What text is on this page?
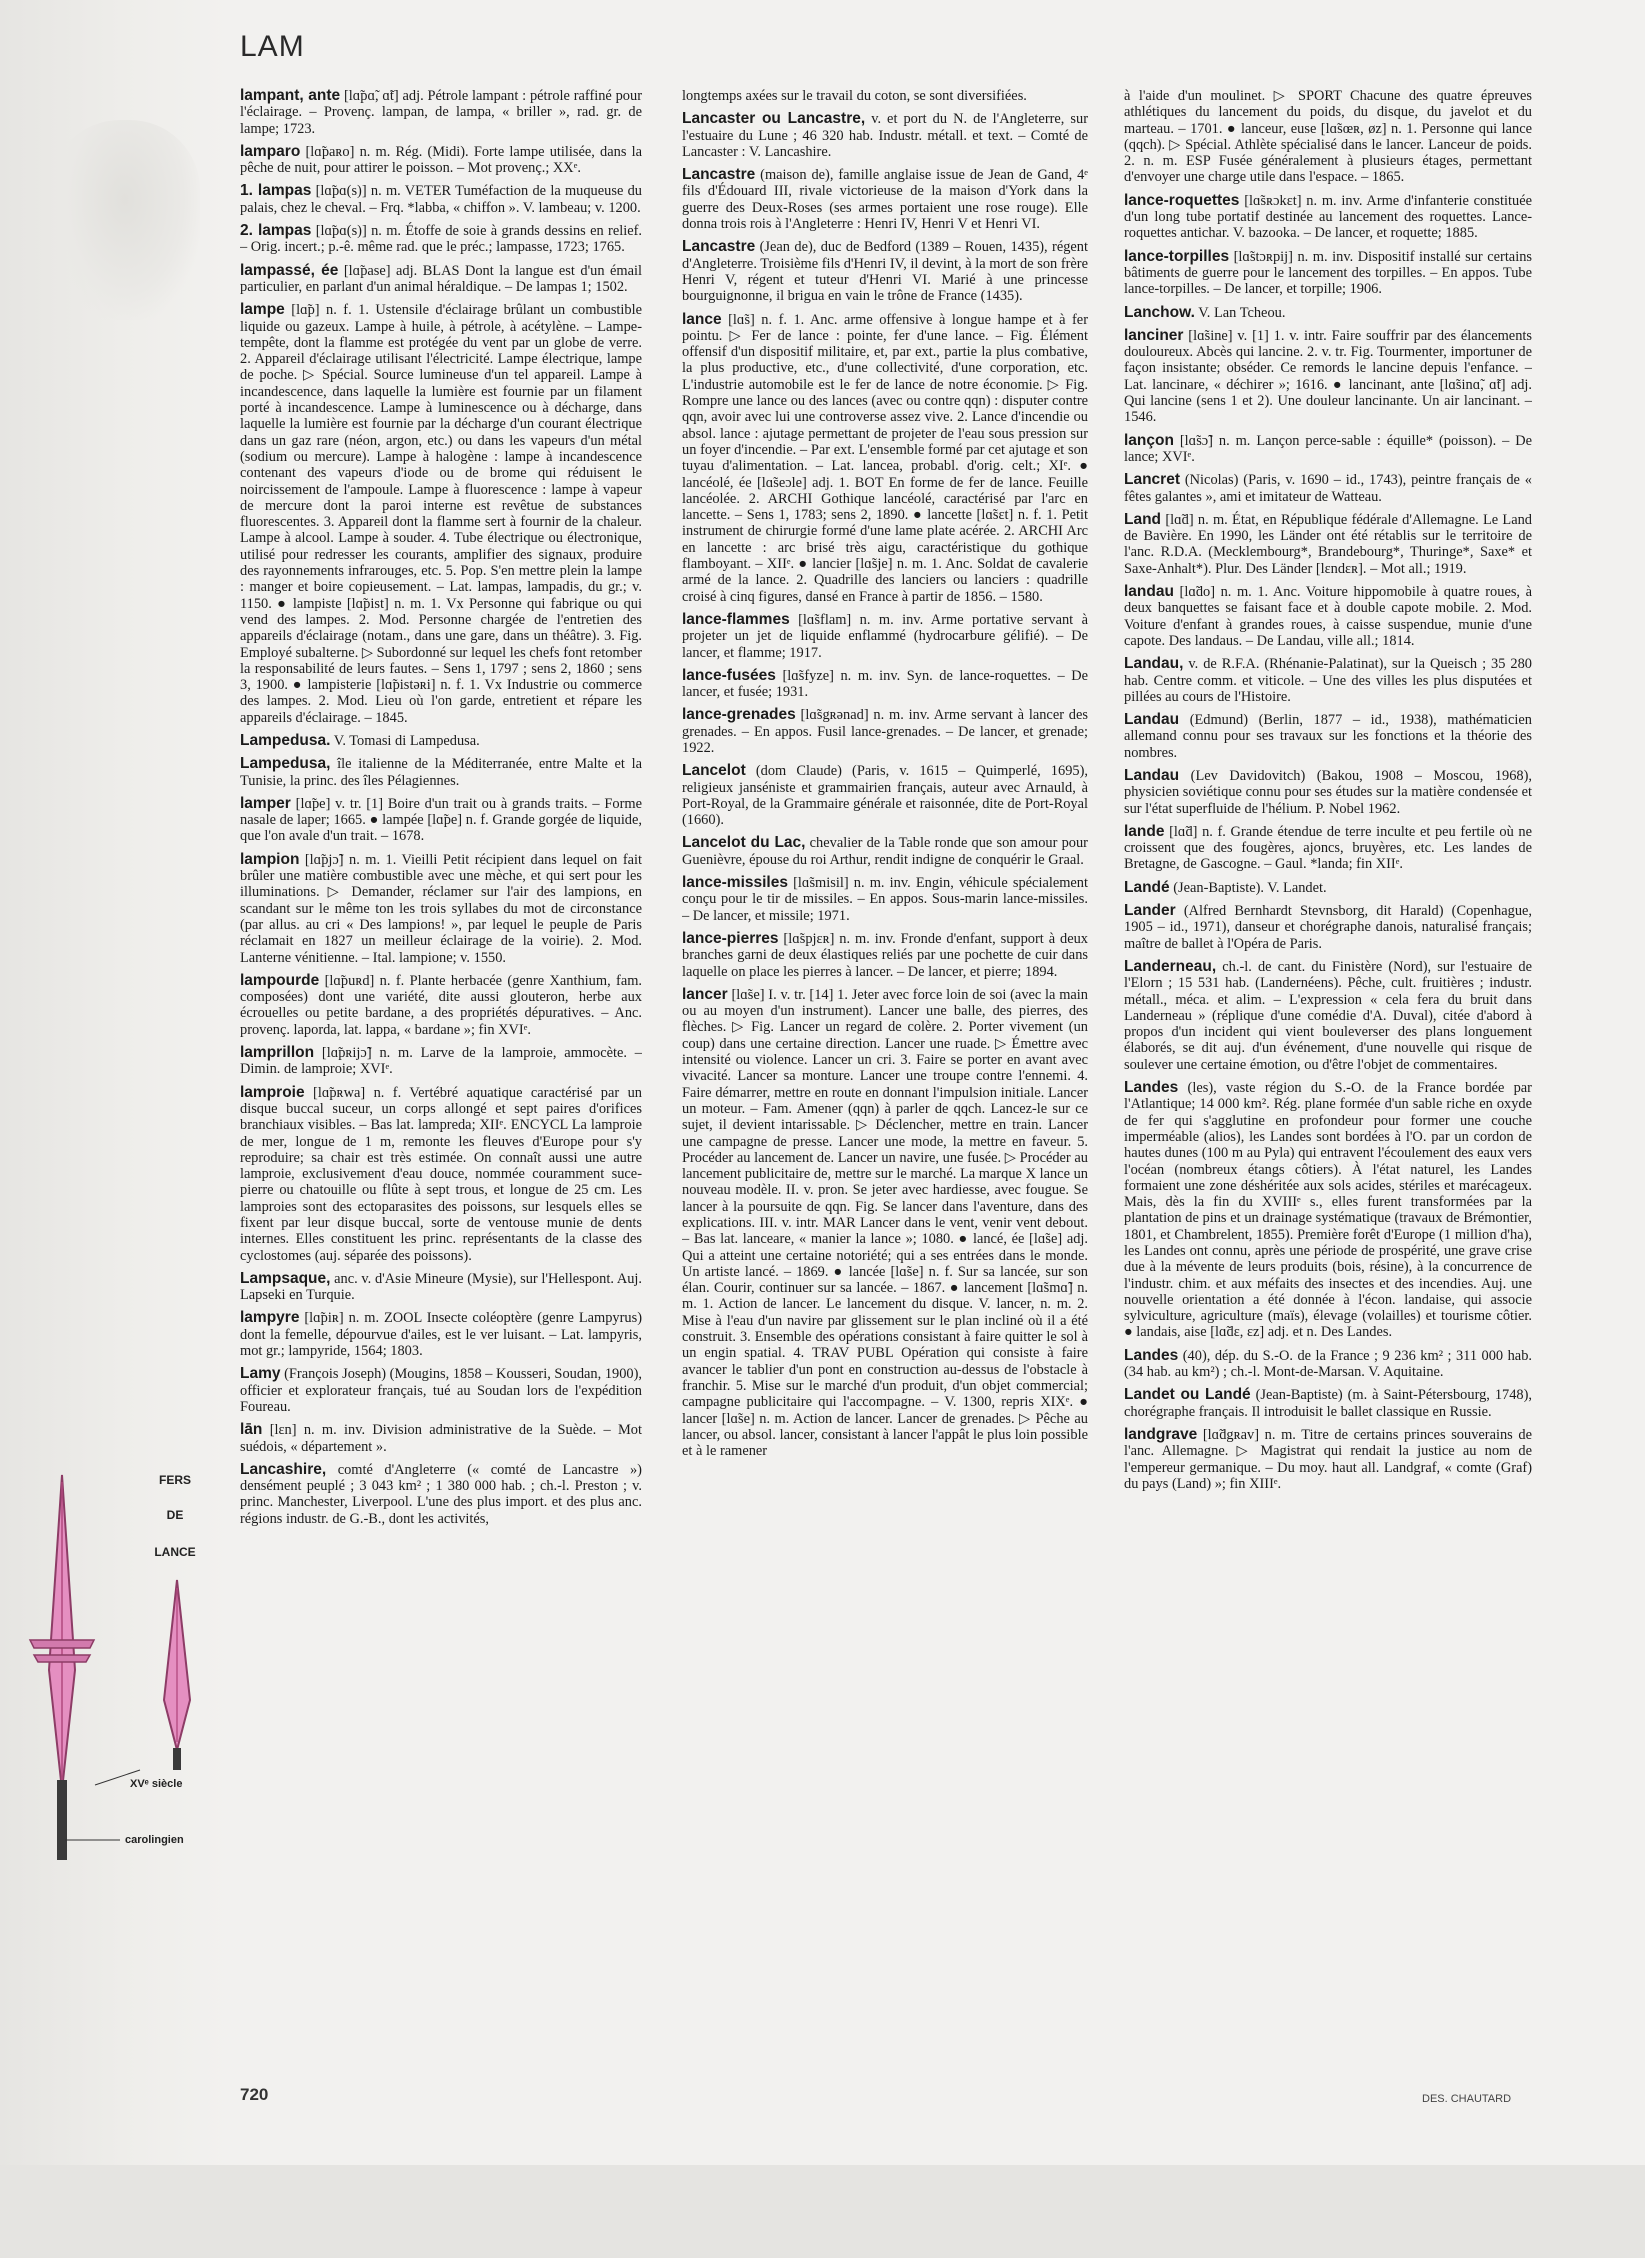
LAM

lampant, ante [lɑ̃pɑ̃, ɑ̃t] adj. Pétrole lampant : pétrole raffiné pour l'éclairage. – Provenç. lampan, de lampa, « briller », rad. gr. de lampe; 1723.

lamparo [lɑ̃paʀo] n. m. Rég. (Midi). Forte lampe utilisée, dans la pêche de nuit, pour attirer le poisson. – Mot provenç.; XXᵉ.

1. lampas [lɑ̃pɑ(s)] n. m. VETER Tuméfaction de la muqueuse du palais, chez le cheval. – Frq. *labba, « chiffon ». V. lambeau; v. 1200.

2. lampas [lɑ̃pɑ(s)] n. m. Étoffe de soie à grands dessins en relief. – Orig. incert.; p.-ê. même rad. que le préc.; lampasse, 1723; 1765.

lampassé, ée [lɑ̃pase] adj. BLAS Dont la langue est d'un émail particulier, en parlant d'un animal héraldique. – De lampas 1; 1502.

lampe [lɑ̃p] n. f. 1. Ustensile d'éclairage brûlant un combustible liquide ou gazeux. Lampe à huile, à pétrole, à acétylène. – Lampe-tempête, dont la flamme est protégée du vent par un globe de verre. 2. Appareil d'éclairage utilisant l'électricité. Lampe électrique, lampe de poche. ▷ Spécial. Source lumineuse d'un tel appareil. Lampe à incandescence, dans laquelle la lumière est fournie par un filament porté à incandescence. Lampe à luminescence ou à décharge, dans laquelle la lumière est fournie par la décharge d'un courant électrique dans un gaz rare (néon, argon, etc.) ou dans les vapeurs d'un métal (sodium ou mercure). Lampe à halogène : lampe à incandescence contenant des vapeurs d'iode ou de brome qui réduisent le noircissement de l'ampoule. Lampe à fluorescence : lampe à vapeur de mercure dont la paroi interne est revêtue de substances fluorescentes. 3. Appareil dont la flamme sert à fournir de la chaleur. Lampe à alcool. Lampe à souder. 4. Tube électrique ou électronique, utilisé pour redresser les courants, amplifier des signaux, produire des rayonnements infrarouges, etc. 5. Pop. S'en mettre plein la lampe : manger et boire copieusement. – Lat. lampas, lampadis, du gr.; v. 1150. ● lampiste [lɑ̃pist] n. m. 1. Vx Personne qui fabrique ou qui vend des lampes. 2. Mod. Personne chargée de l'entretien des appareils d'éclairage (notam., dans une gare, dans un théâtre). 3. Fig. Employé subalterne. ▷ Subordonné sur lequel les chefs font retomber la responsabilité de leurs fautes. – Sens 1, 1797 ; sens 2, 1860 ; sens 3, 1900. ● lampisterie [lɑ̃pistəʀi] n. f. 1. Vx Industrie ou commerce des lampes. 2. Mod. Lieu où l'on garde, entretient et répare les appareils d'éclairage. – 1845.

Lampedusa. V. Tomasi di Lampedusa.

Lampedusa, île italienne de la Méditerranée, entre Malte et la Tunisie, la princ. des îles Pélagiennes.

lamper [lɑ̃pe] v. tr. [1] Boire d'un trait ou à grands traits. – Forme nasale de laper; 1665. ● lampée [lɑ̃pe] n. f. Grande gorgée de liquide, que l'on avale d'un trait. – 1678.

lampion [lɑ̃pjɔ̃] n. m. 1. Vieilli Petit récipient dans lequel on fait brûler une matière combustible avec une mèche, et qui sert pour les illuminations. ▷ Demander, réclamer sur l'air des lampions, en scandant sur le même ton les trois syllabes du mot de circonstance (par allus. au cri « Des lampions! », par lequel le peuple de Paris réclamait en 1827 un meilleur éclairage de la voirie). 2. Mod. Lanterne vénitienne. – Ital. lampione; v. 1550.

lampourde [lɑ̃puʀd] n. f. Plante herbacée (genre Xanthium, fam. composées) dont une variété, dite aussi glouteron, herbe aux écrouelles ou petite bardane, a des propriétés dépuratives. – Anc. provenç. laporda, lat. lappa, « bardane »; fin XVIᵉ.

lamprillon [lɑ̃pʀijɔ̃] n. m. Larve de la lamproie, ammocète. – Dimin. de lamproie; XVIᵉ.

lamproie [lɑ̃pʀwa] n. f. Vertébré aquatique caractérisé par un disque buccal suceur, un corps allongé et sept paires d'orifices branchiaux visibles. – Bas lat. lampreda; XIIᵉ. ENCYCL La lamproie de mer, longue de 1 m, remonte les fleuves d'Europe pour s'y reproduire; sa chair est très estimée. On connaît aussi une autre lamproie, exclusivement d'eau douce, nommée couramment suce-pierre ou chatouille ou flûte à sept trous, et longue de 25 cm. Les lamproies sont des ectoparasites des poissons, sur lesquels elles se fixent par leur disque buccal, sorte de ventouse munie de dents internes. Elles constituent les princ. représentants de la classe des cyclostomes (auj. séparée des poissons).

Lampsaque, anc. v. d'Asie Mineure (Mysie), sur l'Hellespont. Auj. Lapseki en Turquie.

lampyre [lɑ̃piʀ] n. m. ZOOL Insecte coléoptère (genre Lampyrus) dont la femelle, dépourvue d'ailes, est le ver luisant. – Lat. lampyris, mot gr.; lampyride, 1564; 1803.

Lamy (François Joseph) (Mougins, 1858 – Kousseri, Soudan, 1900), officier et explorateur français, tué au Soudan lors de l'expédition Foureau.

lān [lɛn] n. m. inv. Division administrative de la Suède. – Mot suédois, « département ».

Lancashire, comté d'Angleterre (« comté de Lancastre ») densément peuplé ; 3 043 km² ; 1 380 000 hab. ; ch.-l. Preston ; v. princ. Manchester, Liverpool. L'une des plus import. et des plus anc. régions industr. de G.-B., dont les activités,

longtemps axées sur le travail du coton, se sont diversifiées.

Lancaster ou Lancastre, v. et port du N. de l'Angleterre, sur l'estuaire du Lune ; 46 320 hab. Industr. métall. et text. – Comté de Lancaster : V. Lancashire.

Lancastre (maison de), famille anglaise issue de Jean de Gand, 4ᵉ fils d'Édouard III, rivale victorieuse de la maison d'York dans la guerre des Deux-Roses (ses armes portaient une rose rouge). Elle donna trois rois à l'Angleterre : Henri IV, Henri V et Henri VI.

Lancastre (Jean de), duc de Bedford (1389 – Rouen, 1435), régent d'Angleterre. Troisième fils d'Henri IV, il devint, à la mort de son frère Henri V, régent et tuteur d'Henri VI. Marié à une princesse bourguignonne, il brigua en vain le trône de France (1435).

lance [lɑ̃s] n. f. 1. Anc. arme offensive à longue hampe et à fer pointu. ▷ Fer de lance : pointe, fer d'une lance. – Fig. Élément offensif d'un dispositif militaire, et, par ext., partie la plus combative, la plus productive, etc., d'une collectivité, d'une corporation, etc. L'industrie automobile est le fer de lance de notre économie. ▷ Fig. Rompre une lance ou des lances (avec ou contre qqn) : disputer contre qqn, avoir avec lui une controverse assez vive. 2. Lance d'incendie ou absol. lance : ajutage permettant de projeter de l'eau sous pression sur un foyer d'incendie. – Par ext. L'ensemble formé par cet ajutage et son tuyau d'alimentation. – Lat. lancea, probabl. d'orig. celt.; XIᵉ. ● lancéolé, ée [lɑ̃seɔle] adj. 1. BOT En forme de fer de lance. Feuille lancéolée. 2. ARCHI Gothique lancéolé, caractérisé par l'arc en lancette. – Sens 1, 1783; sens 2, 1890. ● lancette [lɑ̃sɛt] n. f. 1. Petit instrument de chirurgie formé d'une lame plate acérée. 2. ARCHI Arc en lancette : arc brisé très aigu, caractéristique du gothique flamboyant. – XIIᵉ. ● lancier [lɑ̃sje] n. m. 1. Anc. Soldat de cavalerie armé de la lance. 2. Quadrille des lanciers ou lanciers : quadrille croisé à cinq figures, dansé en France à partir de 1856. – 1580.

lance-flammes [lɑ̃sflam] n. m. inv. Arme portative servant à projeter un jet de liquide enflammé (hydrocarbure gélifié). – De lancer, et flamme; 1917.

lance-fusées [lɑ̃sfyze] n. m. inv. Syn. de lance-roquettes. – De lancer, et fusée; 1931.

lance-grenades [lɑ̃sgʀənad] n. m. inv. Arme servant à lancer des grenades. – En appos. Fusil lance-grenades. – De lancer, et grenade; 1922.

Lancelot (dom Claude) (Paris, v. 1615 – Quimperlé, 1695), religieux janséniste et grammairien français, auteur avec Arnauld, à Port-Royal, de la Grammaire générale et raisonnée, dite de Port-Royal (1660).

Lancelot du Lac, chevalier de la Table ronde que son amour pour Guenièvre, épouse du roi Arthur, rendit indigne de conquérir le Graal.

lance-missiles [lɑ̃smisil] n. m. inv. Engin, véhicule spécialement conçu pour le tir de missiles. – En appos. Sous-marin lance-missiles. – De lancer, et missile; 1971.

lance-pierres [lɑ̃spjɛʀ] n. m. inv. Fronde d'enfant, support à deux branches garni de deux élastiques reliés par une pochette de cuir dans laquelle on place les pierres à lancer. – De lancer, et pierre; 1894.

lancer [lɑ̃se] I. v. tr. [14] 1. Jeter avec force loin de soi (avec la main ou au moyen d'un instrument). Lancer une balle, des pierres, des flèches. ▷ Fig. Lancer un regard de colère. 2. Porter vivement (un coup) dans une certaine direction. Lancer une ruade. ▷ Émettre avec intensité ou violence. Lancer un cri. 3. Faire se porter en avant avec vivacité. Lancer sa monture. Lancer une troupe contre l'ennemi. 4. Faire démarrer, mettre en route en donnant l'impulsion initiale. Lancer un moteur. – Fam. Amener (qqn) à parler de qqch. Lancez-le sur ce sujet, il devient intarissable. ▷ Déclencher, mettre en train. Lancer une campagne de presse. Lancer une mode, la mettre en faveur. 5. Procéder au lancement de. Lancer un navire, une fusée. ▷ Procéder au lancement publicitaire de, mettre sur le marché. La marque X lance un nouveau modèle. II. v. pron. Se jeter avec hardiesse, avec fougue. Se lancer à la poursuite de qqn. Fig. Se lancer dans l'aventure, dans des explications. III. v. intr. MAR Lancer dans le vent, venir vent debout. – Bas lat. lanceare, « manier la lance »; 1080. ● lancé, ée [lɑ̃se] adj. Qui a atteint une certaine notoriété; qui a ses entrées dans le monde. Un artiste lancé. – 1869. ● lancée [lɑ̃se] n. f. Sur sa lancée, sur son élan. Courir, continuer sur sa lancée. – 1867. ● lancement [lɑ̃smɑ̃] n. m. 1. Action de lancer. Le lancement du disque. V. lancer, n. m. 2. Mise à l'eau d'un navire par glissement sur le plan incliné où il a été construit. 3. Ensemble des opérations consistant à faire quitter le sol à un engin spatial. 4. TRAV PUBL Opération qui consiste à faire avancer le tablier d'un pont en construction au-dessus de l'obstacle à franchir. 5. Mise sur le marché d'un produit, d'un objet commercial; campagne publicitaire qui l'accompagne. – V. 1300, repris XIXᵉ. ● lancer [lɑ̃se] n. m. Action de lancer. Lancer de grenades. ▷ Pêche au lancer, ou absol. lancer, consistant à lancer l'appât le plus loin possible et à le ramener

à l'aide d'un moulinet. ▷ SPORT Chacune des quatre épreuves athlétiques du lancement du poids, du disque, du javelot et du marteau. – 1701. ● lanceur, euse [lɑ̃sœʀ, øz] n. 1. Personne qui lance (qqch). ▷ Spécial. Athlète spécialisé dans le lancer. Lanceur de poids. 2. n. m. ESP Fusée généralement à plusieurs étages, permettant d'envoyer une charge utile dans l'espace. – 1865.

lance-roquettes [lɑ̃sʀɔkɛt] n. m. inv. Arme d'infanterie constituée d'un long tube portatif destinée au lancement des roquettes. Lance-roquettes antichar. V. bazooka. – De lancer, et roquette; 1885.

lance-torpilles [lɑ̃stɔʀpij] n. m. inv. Dispositif installé sur certains bâtiments de guerre pour le lancement des torpilles. – En appos. Tube lance-torpilles. – De lancer, et torpille; 1906.

Lanchow. V. Lan Tcheou.

lanciner [lɑ̃sine] v. [1] 1. v. intr. Faire souffrir par des élancements douloureux. Abcès qui lancine. 2. v. tr. Fig. Tourmenter, importuner de façon insistante; obséder. Ce remords le lancine depuis l'enfance. – Lat. lancinare, « déchirer »; 1616. ● lancinant, ante [lɑ̃sinɑ̃, ɑ̃t] adj. Qui lancine (sens 1 et 2). Une douleur lancinante. Un air lancinant. – 1546.

lançon [lɑ̃sɔ̃] n. m. Lançon perce-sable : équille* (poisson). – De lance; XVIᵉ.

Lancret (Nicolas) (Paris, v. 1690 – id., 1743), peintre français de « fêtes galantes », ami et imitateur de Watteau.

Land [lɑ̃d] n. m. État, en République fédérale d'Allemagne. Le Land de Bavière. En 1990, les Länder ont été rétablis sur le territoire de l'anc. R.D.A. (Mecklembourg*, Brandebourg*, Thuringe*, Saxe* et Saxe-Anhalt*). Plur. Des Länder [lɛndɛʀ]. – Mot all.; 1919.

landau [lɑ̃do] n. m. 1. Anc. Voiture hippomobile à quatre roues, à deux banquettes se faisant face et à double capote mobile. 2. Mod. Voiture d'enfant à grandes roues, à caisse suspendue, munie d'une capote. Des landaus. – De Landau, ville all.; 1814.

Landau, v. de R.F.A. (Rhénanie-Palatinat), sur la Queisch ; 35 280 hab. Centre comm. et viticole. – Une des villes les plus disputées et pillées au cours de l'Histoire.

Landau (Edmund) (Berlin, 1877 – id., 1938), mathématicien allemand connu pour ses travaux sur les fonctions et la théorie des nombres.

Landau (Lev Davidovitch) (Bakou, 1908 – Moscou, 1968), physicien soviétique connu pour ses études sur la matière condensée et sur l'état superfluide de l'hélium. P. Nobel 1962.

lande [lɑ̃d] n. f. Grande étendue de terre inculte et peu fertile où ne croissent que des fougères, ajoncs, bruyères, etc. Les landes de Bretagne, de Gascogne. – Gaul. *landa; fin XIIᵉ.

Landé (Jean-Baptiste). V. Landet.

Lander (Alfred Bernhardt Stevnsborg, dit Harald) (Copenhague, 1905 – id., 1971), danseur et chorégraphe danois, naturalisé français; maître de ballet à l'Opéra de Paris.

Landerneau, ch.-l. de cant. du Finistère (Nord), sur l'estuaire de l'Elorn ; 15 531 hab. (Landernéens). Pêche, cult. fruitières ; industr. métall., méca. et alim. – L'expression « cela fera du bruit dans Landerneau » (réplique d'une comédie d'A. Duval), citée d'abord à propos d'un incident qui vient bouleverser des plans longuement élaborés, se dit auj. d'un événement, d'une nouvelle qui risque de soulever une certaine émotion, ou d'être l'objet de commentaires.

Landes (les), vaste région du S.-O. de la France bordée par l'Atlantique; 14 000 km². Rég. plane formée d'un sable riche en oxyde de fer qui s'agglutine en profondeur pour former une couche imperméable (alios), les Landes sont bordées à l'O. par un cordon de hautes dunes (100 m au Pyla) qui entravent l'écoulement des eaux vers l'océan (nombreux étangs côtiers). À l'état naturel, les Landes formaient une zone déshéritée aux sols acides, stériles et marécageux. Mais, dès la fin du XVIIIᵉ s., elles furent transformées par la plantation de pins et un drainage systématique (travaux de Brémontier, 1801, et Chambrelent, 1855). Première forêt d'Europe (1 million d'ha), les Landes ont connu, après une période de prospérité, une grave crise due à la mévente de leurs produits (bois, résine), à la concurrence de l'industr. chim. et aux méfaits des insectes et des incendies. Auj. une nouvelle orientation a été donnée à l'écon. landaise, qui associe sylviculture, agriculture (maïs), élevage (volailles) et tourisme côtier. ● landais, aise [lɑ̃dɛ, ɛz] adj. et n. Des Landes.

Landes (40), dép. du S.-O. de la France ; 9 236 km² ; 311 000 hab. (34 hab. au km²) ; ch.-l. Mont-de-Marsan. V. Aquitaine.

Landet ou Landé (Jean-Baptiste) (m. à Saint-Pétersbourg, 1748), chorégraphe français. Il introduisit le ballet classique en Russie.

landgrave [lɑ̃dgʀav] n. m. Titre de certains princes souverains de l'anc. Allemagne. ▷ Magistrat qui rendait la justice au nom de l'empereur germanique. – Du moy. haut all. Landgraf, « comte (Graf) du pays (Land) »; fin XIIIᵉ.

FERS
DE
LANCE
XVᵉ siècle
carolingien
720	DES. CHAUTARD
